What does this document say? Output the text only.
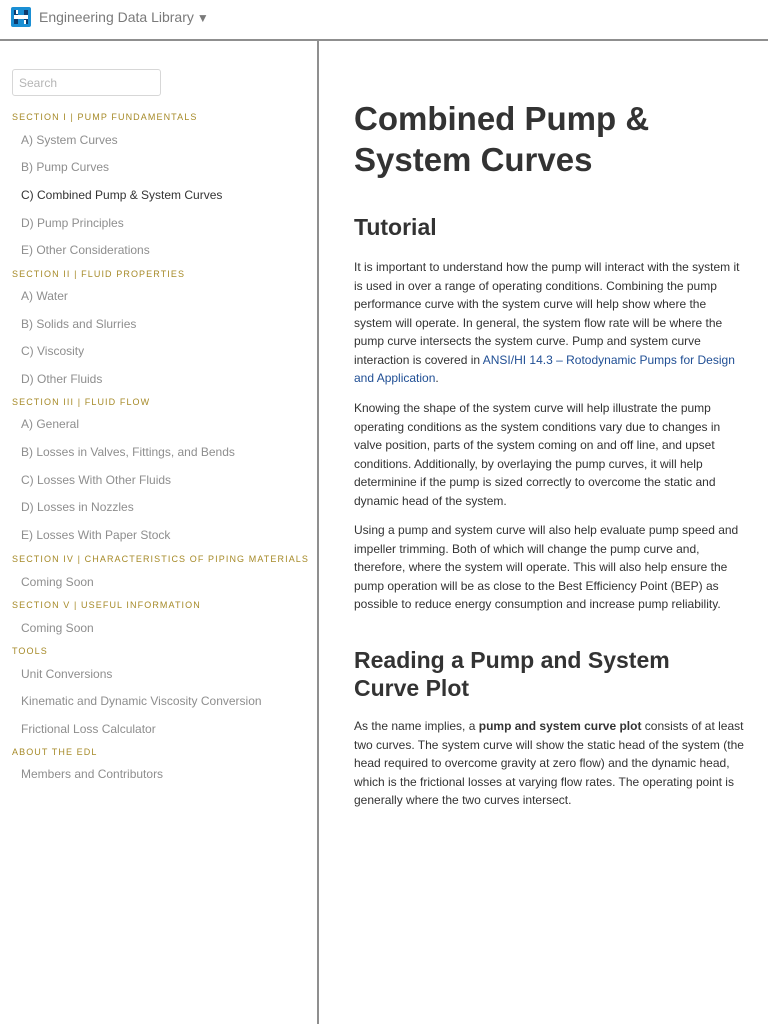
Engineering Data Library ▼
Search
SECTION I | PUMP FUNDAMENTALS
A) System Curves
B) Pump Curves
C) Combined Pump & System Curves
D) Pump Principles
E) Other Considerations
SECTION II | FLUID PROPERTIES
A) Water
B) Solids and Slurries
C) Viscosity
D) Other Fluids
SECTION III | FLUID FLOW
A) General
B) Losses in Valves, Fittings, and Bends
C) Losses With Other Fluids
D) Losses in Nozzles
E) Losses With Paper Stock
SECTION IV | CHARACTERISTICS OF PIPING MATERIALS
Coming Soon
SECTION V | USEFUL INFORMATION
Coming Soon
TOOLS
Unit Conversions
Kinematic and Dynamic Viscosity Conversion
Frictional Loss Calculator
ABOUT THE EDL
Members and Contributors
Combined Pump &
System Curves
Tutorial

It is important to understand how the pump will interact with the system it is used in over a range of operating conditions. Combining the pump performance curve with the system curve will help show where the system will operate. In general, the system flow rate will be where the pump curve intersects the system curve. Pump and system curve interaction is covered in ANSI/HI 14.3 – Rotodynamic Pumps for Design and Application.

Knowing the shape of the system curve will help illustrate the pump operating conditions as the system conditions vary due to changes in valve position, parts of the system coming on and off line, and upset conditions. Additionally, by overlaying the pump curves, it will help determinine if the pump is sized correctly to overcome the static and dynamic head of the system.

Using a pump and system curve will also help evaluate pump speed and impeller trimming. Both of which will change the pump curve and, therefore, where the system will operate. This will also help ensure the pump operation will be as close to the Best Efficiency Point (BEP) as possible to reduce energy consumption and increase pump reliability.

Reading a Pump and System
Curve Plot

As the name implies, a pump and system curve plot consists of at least two curves. The system curve will show the static head of the system (the head required to overcome gravity at zero flow) and the dynamic head, which is the frictional losses at varying flow rates. The operating point is generally where the two curves intersect.
